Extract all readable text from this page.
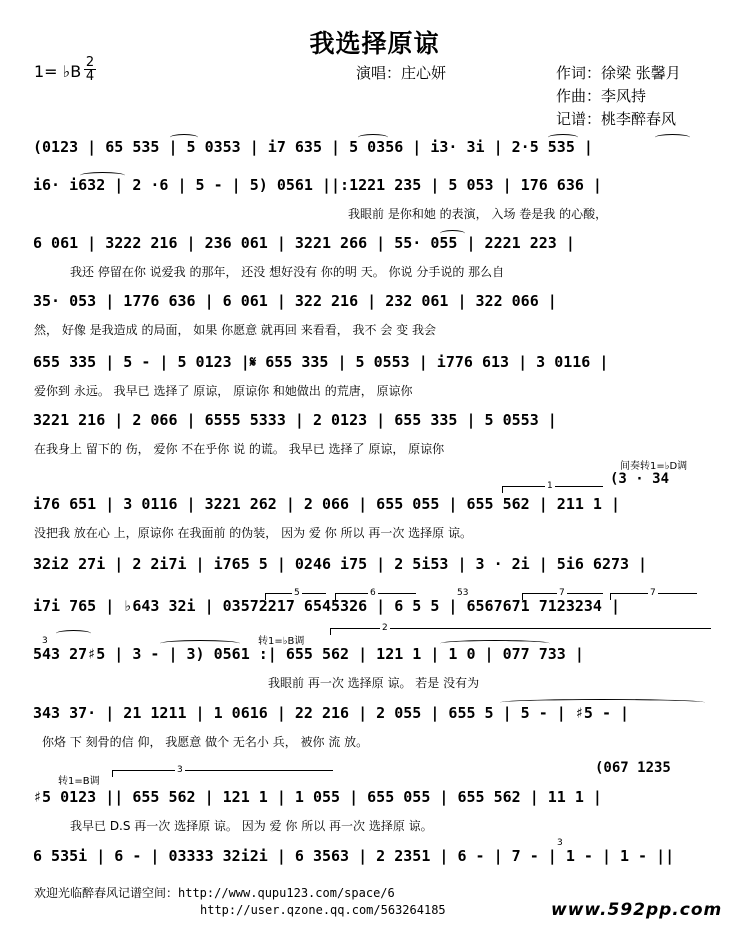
我选择原谅
1= ♭B 2
4	演唱：庄心妍	作词：徐梁 张馨月
作曲：李风持
记谱：桃李醉春风
(0123 | 65 535 | 5 0353 | i7 635 | 5 0356 | i3· 3i | 2·5 535 |
i6· i632 | 2 ·6 | 5 - | 5) 0561 ||:1221 235 | 5 053 | 176 636 |
我眼前 是你和她 的表演， 入场 卷是我 的心酸，
6 061 | 3222 216 | 236 061 | 3221 266 | 55· 055 | 2221 223 |
我还 停留在你 说爱我 的那年， 还没 想好没有 你的明 天。 你说 分手说的 那么自
35· 053 | 1776 636 | 6 061 | 322 216 | 232 061 | 322 066 |
然， 好像 是我造成 的局面， 如果 你愿意 就再回 来看看， 我不 会 变 我会
655 335 | 5 - | 5 0123 |𝄋 655 335 | 5 0553 | i776 613 | 3 0116 |
爱你到 永远。 我早已 选择了 原谅， 原谅你 和她做出 的荒唐， 原谅你
3221 216 | 2 066 | 6555 5333 | 2 0123 | 655 335 | 5 0553 |
在我身上 留下的 伤， 爱你 不在乎你 说 的谎。 我早已 选择了 原谅， 原谅你
间奏转1=♭D调
(3 · 34
1
i76 651 | 3 0116 | 3221 262 | 2 066 | 655 055 | 655 562 | 211 1 |
没把我 放在心 上，原谅你 在我面前 的伪装， 因为 爱 你 所以 再一次 选择原 谅。
32i2 27i | 2 2i7i | i765 5 | 0246 i75 | 2 5i53 | 3 · 2i | 5i6 6273 |
5	6	53	7	7
i7i 765 | ♭643 32i | 03572217 6545326 | 6 5 5 | 6567671 7123234 |
转1=♭B调
3
2
543 27♯5 | 3 - | 3) 0561 :| 655 562 | 121 1 | 1 0 | 077 733 |
我眼前 再一次 选择原 谅。 若是 没有为
343 37· | 21 1211 | 1 0616 | 22 216 | 2 055 | 655 5 | 5 - | ♯5 - |
你烙 下 刻骨的信 仰， 我愿意 做个 无名小 兵， 被你 流 放。
转1=B调
(067 1235
3
♯5 0123 || 655 562 | 121 1 | 1 055 | 655 055 | 655 562 | 11 1 |
我早已 D.S 再一次 选择原 谅。 因为 爱 你 所以 再一次 选择原 谅。
3
6 535i | 6 - | 03333 32i2i | 6 3563 | 2 2351 | 6 - | 7 - | 1 - | 1 - ||
欢迎光临醉春风记谱空间：http://www.qupu123.com/space/6
http://user.qzone.qq.com/563264185	www.592pp.com
